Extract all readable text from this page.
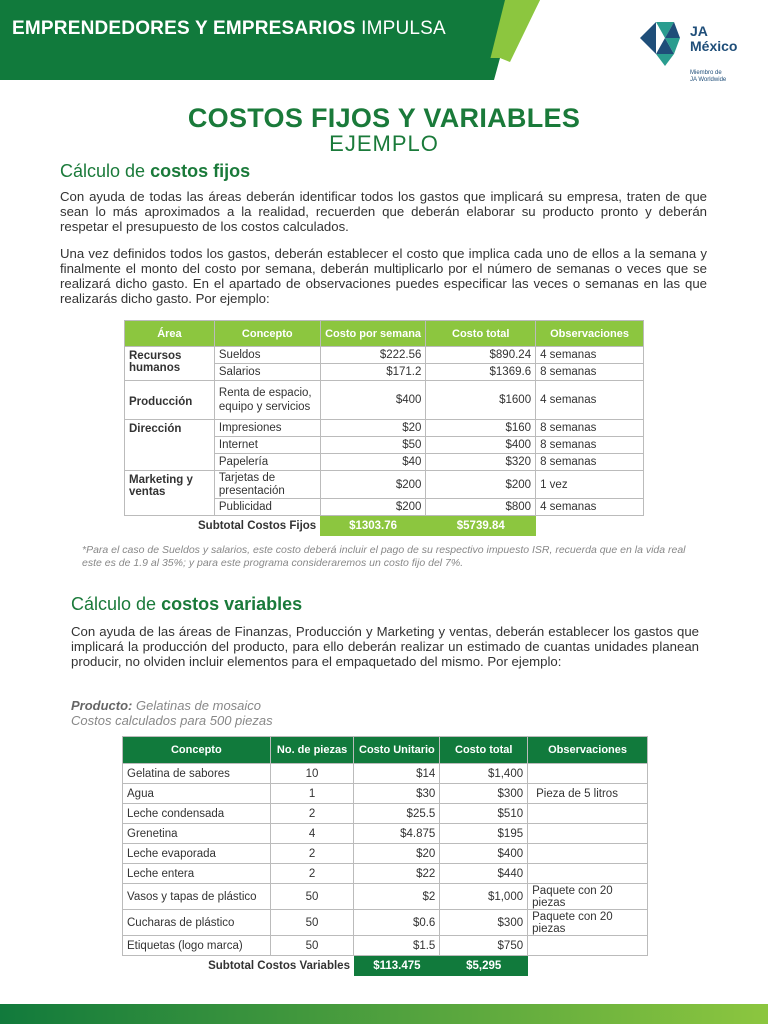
EMPRENDEDORES Y EMPRESARIOS IMPULSA	JA
México
Miembro de
JA Worldwide
COSTOS FIJOS Y VARIABLES
EJEMPLO
Cálculo de costos fijos
Con ayuda de todas las áreas deberán identificar todos los gastos que implicará su empresa, traten de que sean lo más aproximados a la realidad, recuerden que deberán elaborar su producto pronto y deberán respetar el presupuesto de los costos calculados.
Una vez definidos todos los gastos, deberán establecer el costo que implica cada uno de ellos a la semana y finalmente el monto del costo por semana, deberán multiplicarlo por el número de semanas o veces que se realizará dicho gasto. En el apartado de observaciones puedes especificar las veces o semanas en las que realizarás dicho gasto. Por ejemplo:
Área	Concepto	Costo por semana	Costo total	Observaciones
Recursos humanos	Sueldos	$222.56	$890.24	4 semanas
	Salarios	$171.2	$1369.6	8 semanas
Producción	Renta de espacio, equipo y servicios	$400	$1600	4 semanas
Dirección	Impresiones	$20	$160	8 semanas
	Internet	$50	$400	8 semanas
	Papelería	$40	$320	8 semanas
Marketing y ventas	Tarjetas de presentación	$200	$200	1 vez
	Publicidad	$200	$800	4 semanas
Subtotal Costos Fijos		$1303.76	$5739.84	
*Para el caso de Sueldos y salarios, este costo deberá incluir el pago de su respectivo impuesto ISR, recuerda que en la vida real este es de 1.9 al 35%; y para este programa consideraremos un costo fijo del 7%.
Cálculo de costos variables
Con ayuda de las áreas de Finanzas, Producción y Marketing y ventas, deberán establecer los gastos que implicará la producción del producto, para ello deberán realizar un estimado de cuantas unidades planean producir, no olviden incluir elementos para el empaquetado del mismo. Por ejemplo:
Producto: Gelatinas de mosaico
Costos calculados para 500 piezas
Concepto	No. de piezas	Costo Unitario	Costo total	Observaciones
Gelatina de sabores	10	$14	$1,400	
Agua	1	$30	$300	Pieza de 5 litros
Leche condensada	2	$25.5	$510	
Grenetina	4	$4.875	$195	
Leche evaporada	2	$20	$400	
Leche entera	2	$22	$440	
Vasos y tapas de plástico	50	$2	$1,000	Paquete con 20 piezas
Cucharas de plástico	50	$0.6	$300	Paquete con 20 piezas
Etiquetas (logo marca)	50	$1.5	$750	
Subtotal Costos Variables		$113.475	$5,295	
